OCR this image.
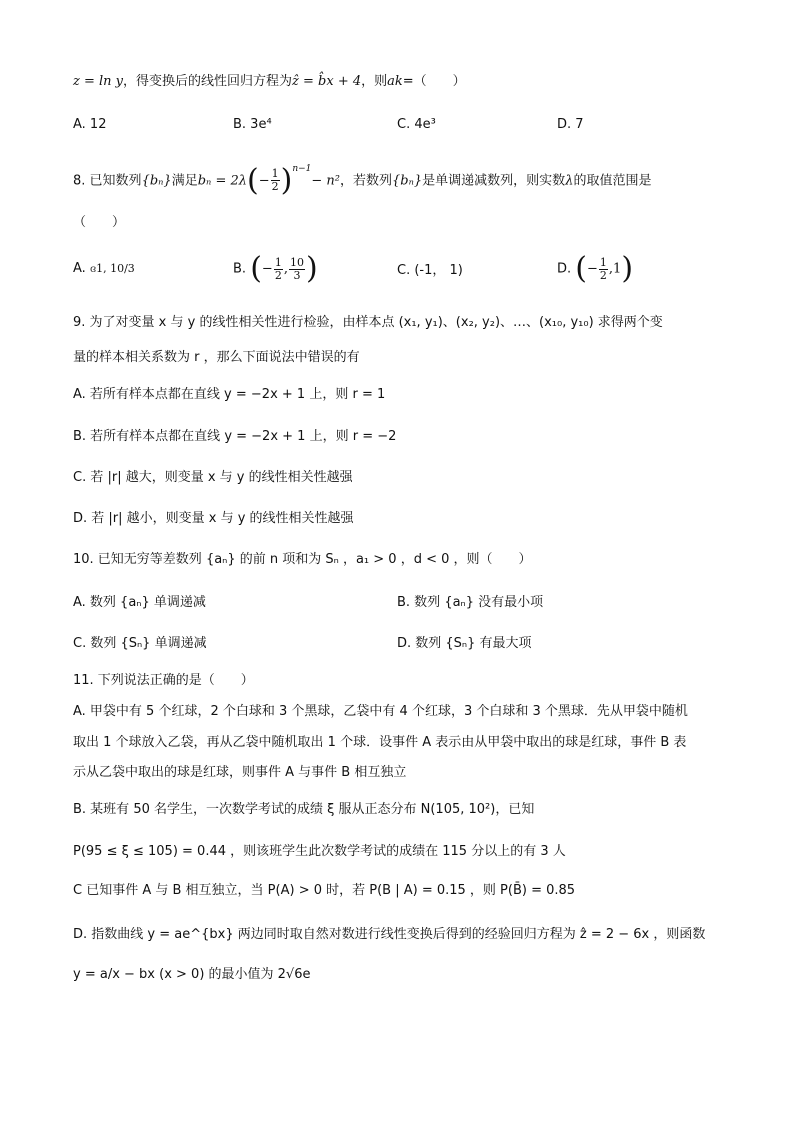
z = ln y，得变换后的线性回归方程为ẑ = b̂x + 4，则ak=（　　）
A. 12	B. 3e⁴	C. 4e³	D. 7
8. 已知数列{bₙ}满足$b_n = 2\lambda(- \frac{1}{2} )^{n-1}- n^2$，若数列{bₙ}是单调递减数列，则实数λ的取值范围是
（　　）
A. ɞ1, 10/3	B. (− $\frac{1}{2}$ , $\frac{10}{3}$ )	C. (-1， 1)	D. (− $\frac{1}{2} ,1$)
9. 为了对变量 x 与 y 的线性相关性进行检验，由样本点 (x₁, y₁)、(x₂, y₂)、…、(x₁₀, y₁₀) 求得两个变
量的样本相关系数为 r ，那么下面说法中错误的有
A. 若所有样本点都在直线 y = −2x + 1 上，则 r = 1
B. 若所有样本点都在直线 y = −2x + 1 上，则 r = −2
C. 若 |r| 越大，则变量 x 与 y 的线性相关性越强
D. 若 |r| 越小，则变量 x 与 y 的线性相关性越强
10. 已知无穷等差数列 {aₙ} 的前 n 项和为 Sₙ ，a₁ > 0 ，d < 0 ，则（　　）
A. 数列 {aₙ} 单调递减	B. 数列 {aₙ} 没有最小项
C. 数列 {Sₙ} 单调递减	D. 数列 {Sₙ} 有最大项
11. 下列说法正确的是（　　）
A. 甲袋中有 5 个红球，2 个白球和 3 个黑球，乙袋中有 4 个红球，3 个白球和 3 个黑球．先从甲袋中随机
取出 1 个球放入乙袋，再从乙袋中随机取出 1 个球．设事件 A 表示由从甲袋中取出的球是红球，事件 B 表
示从乙袋中取出的球是红球，则事件 A 与事件 B 相互独立
B. 某班有 50 名学生，一次数学考试的成绩 ξ 服从正态分布 N(105, 10²)，已知
P(95 ≤ ξ ≤ 105) = 0.44 ，则该班学生此次数学考试的成绩在 115 分以上的有 3 人
C 已知事件 A 与 B 相互独立，当 P(A) > 0 时，若 P(B | A) = 0.15 ，则 P(B̄) = 0.85
D. 指数曲线 y = ae^{bx} 两边同时取自然对数进行线性变换后得到的经验回归方程为 ẑ = 2 − 6x ，则函数
y = a/x − bx (x > 0) 的最小值为 2√6e
